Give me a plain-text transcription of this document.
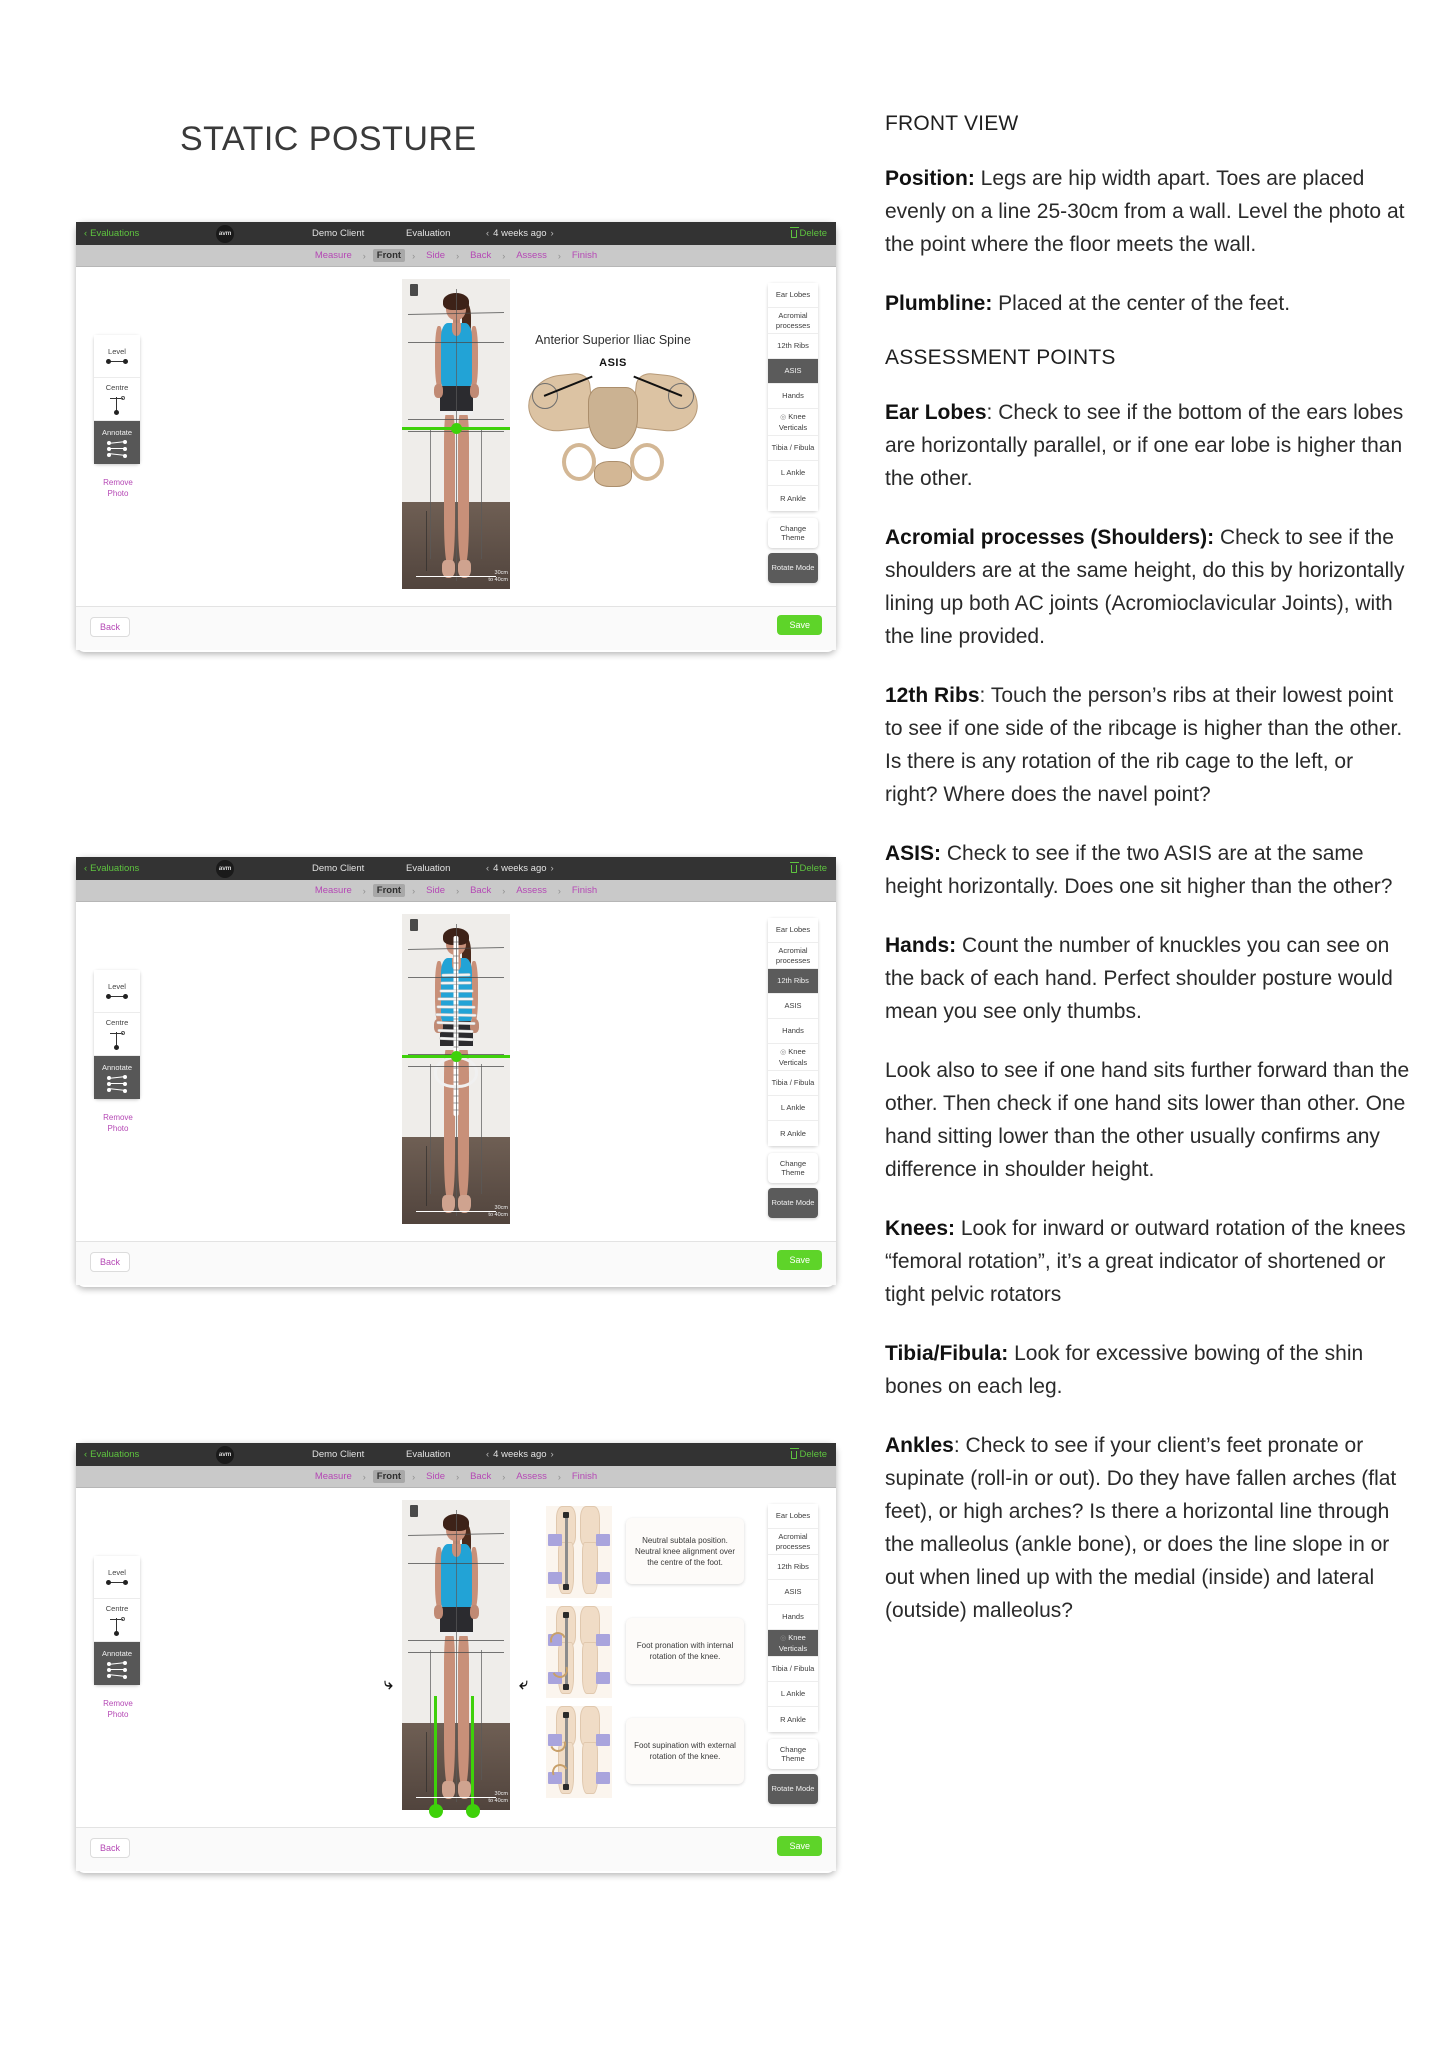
STATIC POSTURE	FRONT VIEW
Position: Legs are hip width apart. Toes are placed evenly on a line 25-30cm from a wall. Level the photo at the point where the floor meets the wall.
Plumbline: Placed at the center of the feet.
ASSESSMENT POINTS
Ear Lobes: Check to see if the bottom of the ears lobes are horizontally parallel, or if one ear lobe is higher than the other.
Acromial processes (Shoulders): Check to see if the shoulders are at the same height, do this by horizontally lining up both AC joints (Acromioclavicular Joints), with the line provided.
12th Ribs: Touch the person’s ribs at their lowest point to see if one side of the ribcage is higher than the other. Is there is any rotation of the rib cage to the left, or right? Where does the navel point?
ASIS: Check to see if the two ASIS are at the same height horizontally. Does one sit higher than the other?
Hands: Count the number of knuckles you can see on the back of each hand. Perfect shoulder posture would mean you see only thumbs.
Look also to see if one hand sits further forward than the other. Then check if one hand sits lower than other. One hand sitting lower than the other usually confirms any difference in shoulder height.
Knees: Look for inward or outward rotation of the knees “femoral rotation”, it’s a great indicator of shortened or tight pelvic rotators
Tibia/Fibula: Look for excessive bowing of the shin bones on each leg.
Ankles: Check to see if your client’s feet pronate or supinate (roll-in or out). Do they have fallen arches (flat feet), or high arches? Is there a horizontal line through the malleolus (ankle bone), or does the line slope in or out when lined up with the medial (inside) and lateral (outside) malleolus?
‹ Evaluations	avm	Demo Client	Evaluation	‹ 4 weeks ago ›	Delete
Measure	›	Front	›	Side	›	Back	›	Assess	›	Finish
Level
Centre
Annotate
Remove Photo
30cm
to 40cm
Anterior Superior Iliac Spine
ASIS
Ear Lobes
Acromial processes
12th Ribs
ASIS
Hands
◎ Knee Verticals
Tibia / Fibula
L Ankle
R Ankle
Change Theme
Rotate Mode
Back	Save
‹ Evaluations	avm	Demo Client	Evaluation	‹ 4 weeks ago ›	Delete
Measure	›	Front	›	Side	›	Back	›	Assess	›	Finish
Level
Centre
Annotate
Remove Photo
30cm
to 40cm
Ear Lobes
Acromial processes
12th Ribs
ASIS
Hands
◎ Knee Verticals
Tibia / Fibula
L Ankle
R Ankle
Change Theme
Rotate Mode
Back	Save
‹ Evaluations	avm	Demo Client	Evaluation	‹ 4 weeks ago ›	Delete
Measure	›	Front	›	Side	›	Back	›	Assess	›	Finish
Level
Centre
Annotate
Remove Photo
⤷	⤶
30cm
to 40cm
Neutral subtala position. Neutral knee alignment over the centre of the foot.
Foot pronation with internal rotation of the knee.
Foot supination with external rotation of the knee.
Ear Lobes
Acromial processes
12th Ribs
ASIS
Hands
◎ Knee Verticals
Tibia / Fibula
L Ankle
R Ankle
Change Theme
Rotate Mode
Back	Save
